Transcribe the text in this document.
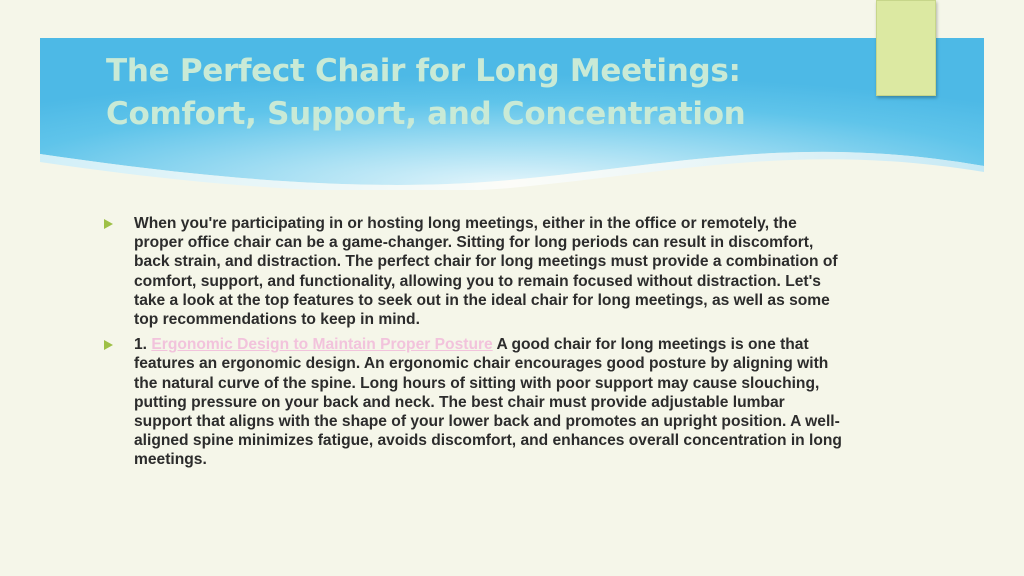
The Perfect Chair for Long Meetings:
Comfort, Support, and Concentration
When you're participating in or hosting long meetings, either in the office or remotely, the proper office chair can be a game-changer. Sitting for long periods can result in discomfort, back strain, and distraction. The perfect chair for long meetings must provide a combination of comfort, support, and functionality, allowing you to remain focused without distraction. Let's take a look at the top features to seek out in the ideal chair for long meetings, as well as some top recommendations to keep in mind.
1. Ergonomic Design to Maintain Proper Posture A good chair for long meetings is one that features an ergonomic design. An ergonomic chair encourages good posture by aligning with the natural curve of the spine. Long hours of sitting with poor support may cause slouching, putting pressure on your back and neck. The best chair must provide adjustable lumbar support that aligns with the shape of your lower back and promotes an upright position. A well-aligned spine minimizes fatigue, avoids discomfort, and enhances overall concentration in long meetings.
